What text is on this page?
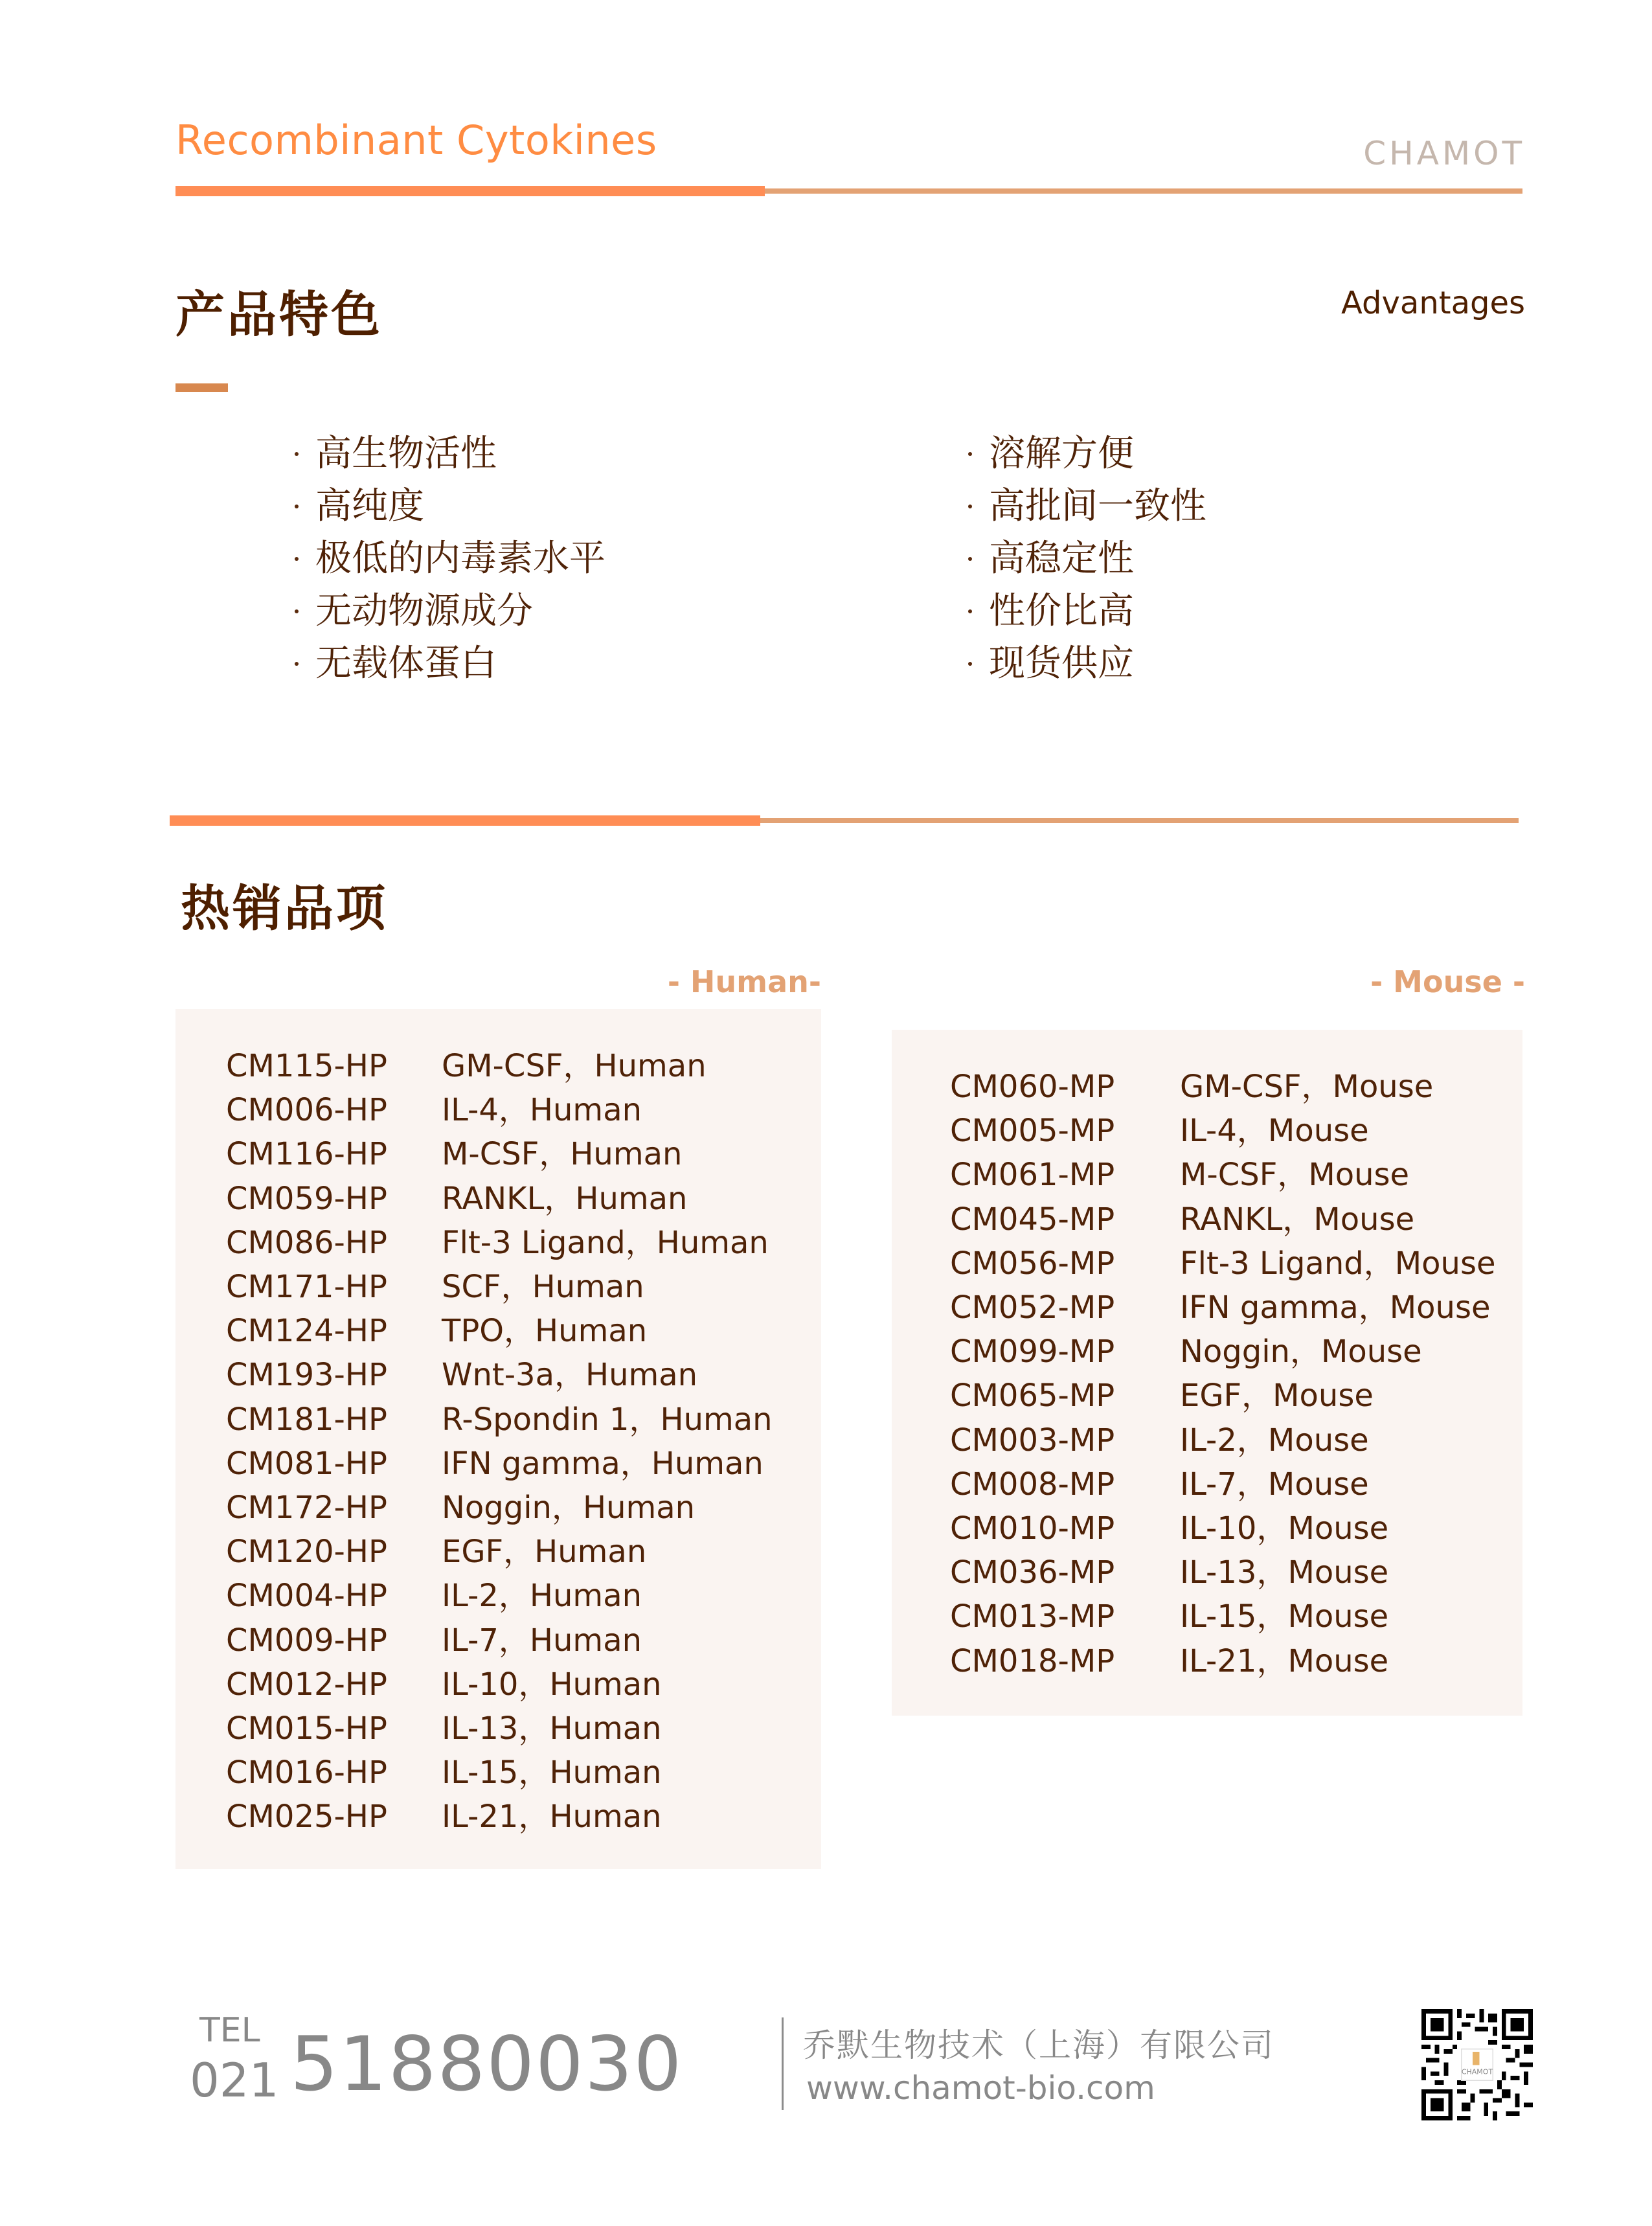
Recombinant Cytokines	CHAMOT
产品特色	Advantages
高生物活性
高纯度
极低的内毒素水平
无动物源成分
无载体蛋白
溶解方便
高批间一致性
高稳定性
性价比高
现货供应
热销品项
- Human-	- Mouse -
CM115-HP GM-CSF，Human
CM006-HP IL-4，Human
CM116-HP M-CSF，Human
CM059-HP RANKL，Human
CM086-HP Flt-3 Ligand，Human
CM171-HP SCF，Human
CM124-HP TPO，Human
CM193-HP Wnt-3a，Human
CM181-HP R-Spondin 1，Human
CM081-HP IFN gamma，Human
CM172-HP Noggin，Human
CM120-HP EGF，Human
CM004-HP IL-2，Human
CM009-HP IL-7，Human
CM012-HP IL-10，Human
CM015-HP IL-13，Human
CM016-HP IL-15，Human
CM025-HP IL-21，Human
CM060-MP GM-CSF，Mouse
CM005-MP IL-4，Mouse
CM061-MP M-CSF，Mouse
CM045-MP RANKL，Mouse
CM056-MP Flt-3 Ligand，Mouse
CM052-MP IFN gamma，Mouse
CM099-MP Noggin，Mouse
CM065-MP EGF，Mouse
CM003-MP IL-2，Mouse
CM008-MP IL-7，Mouse
CM010-MP IL-10，Mouse
CM036-MP IL-13，Mouse
CM013-MP IL-15，Mouse
CM018-MP IL-21，Mouse
TEL
021 51880030	乔默生物技术（上海）有限公司
www.chamot-bio.com	CHAMOT
